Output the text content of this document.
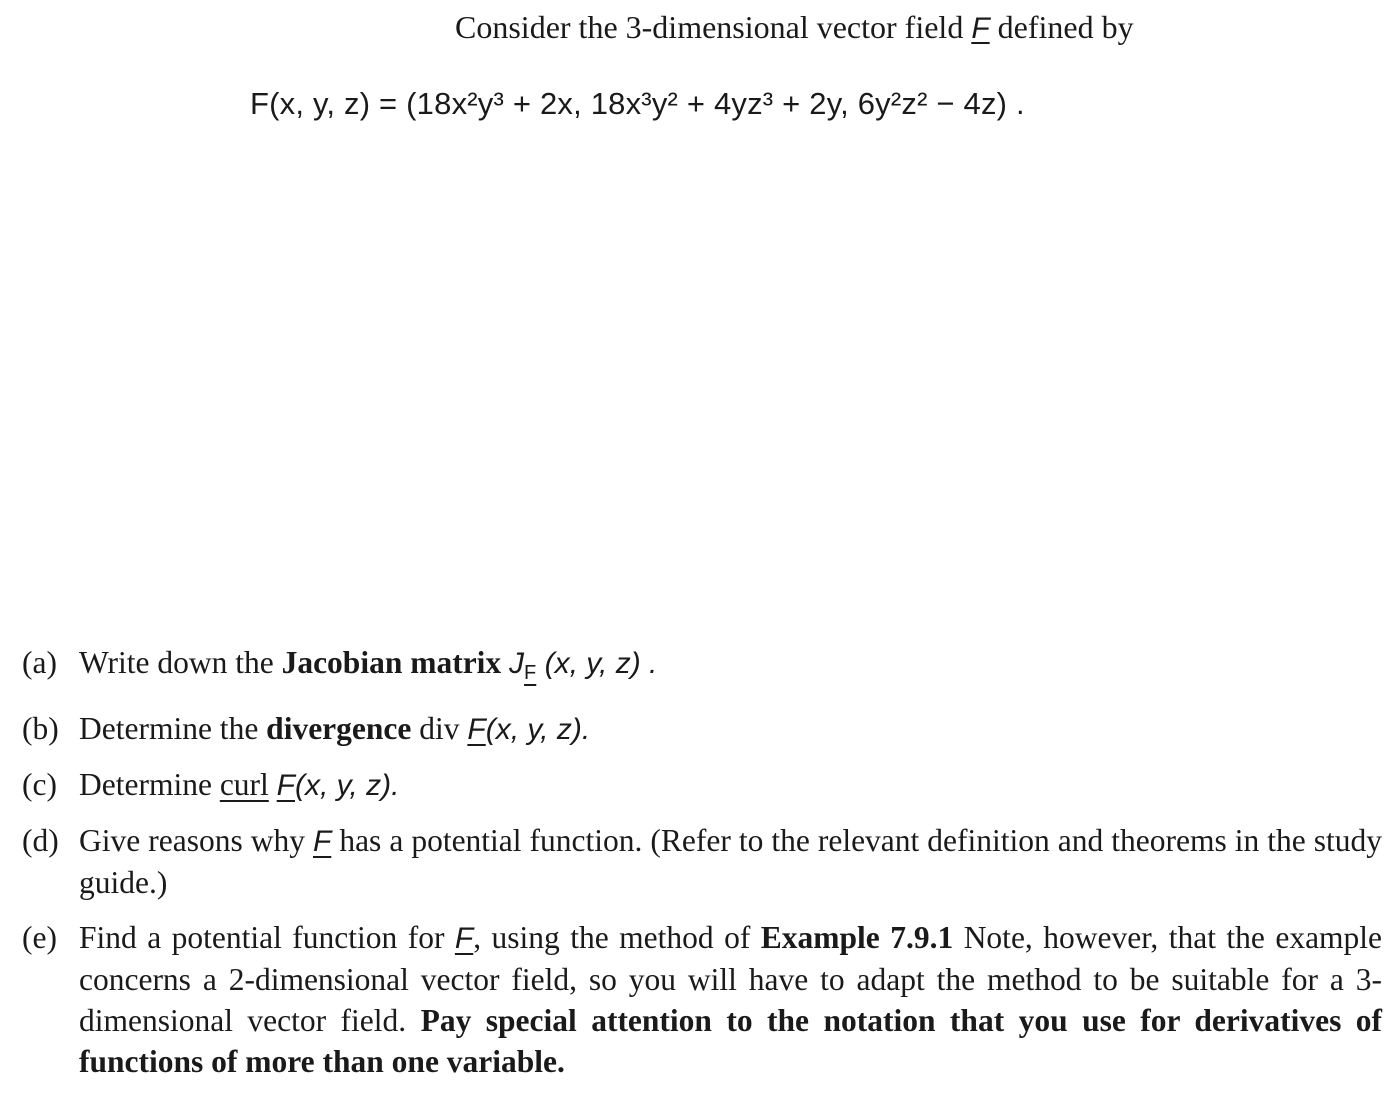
Consider the 3-dimensional vector field F defined by
F(x, y, z) = (18x²y³ + 2x, 18x³y² + 4yz³ + 2y, 6y²z² − 4z) .
(a) Write down the Jacobian matrix $J_F$ (x, y, z) .
(b) Determine the divergence div F(x, y, z).
(c) Determine curl F(x, y, z).
(d) Give reasons why F has a potential function. (Refer to the relevant definition and theorems in the study guide.)
(e) Find a potential function for F, using the method of Example 7.9.1 Note, however, that the example concerns a 2-dimensional vector field, so you will have to adapt the method to be suitable for a 3-dimensional vector field. Pay special attention to the notation that you use for derivatives of functions of more than one variable.
